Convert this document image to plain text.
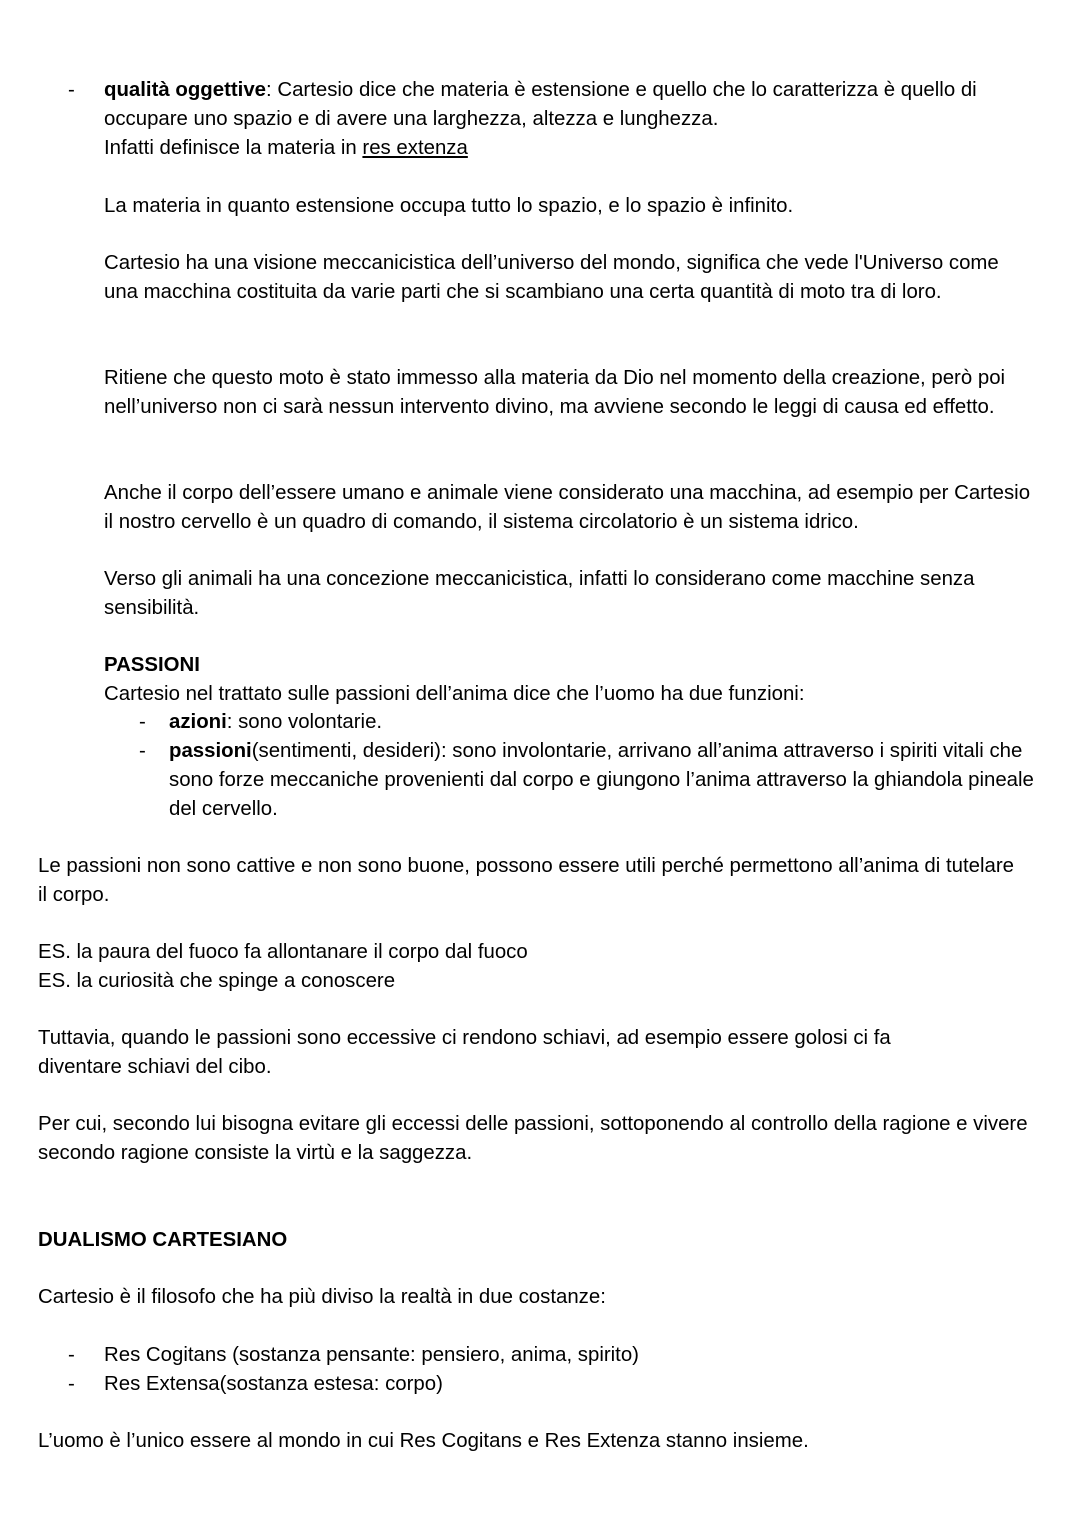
- qualità oggettive: Cartesio dice che materia è estensione e quello che lo caratterizza è quello di occupare uno spazio e di avere una larghezza, altezza e lunghezza.

Infatti definisce la materia in res extenza

La materia in quanto estensione occupa tutto lo spazio, e lo spazio è infinito.

Cartesio ha una visione meccanicistica dell’universo del mondo, significa che vede l'Universo come una macchina costituita da varie parti che si scambiano una certa quantità di moto tra di loro.

Ritiene che questo moto è stato immesso alla materia da Dio nel momento della creazione, però poi nell’universo non ci sarà nessun intervento divino, ma avviene secondo le leggi di causa ed effetto.

Anche il corpo dell’essere umano e animale viene considerato una macchina, ad esempio per Cartesio il nostro cervello è un quadro di comando, il sistema circolatorio è un sistema idrico.

Verso gli animali ha una concezione meccanicistica, infatti lo considerano come macchine senza sensibilità.

PASSIONI

Cartesio nel trattato sulle passioni dell’anima dice che l’uomo ha due funzioni:

- azioni: sono volontarie.

- passioni(sentimenti, desideri): sono involontarie, arrivano all’anima attraverso i spiriti vitali che sono forze meccaniche provenienti dal corpo e giungono l’anima attraverso la ghiandola pineale del cervello.

Le passioni non sono cattive e non sono buone, possono essere utili perché permettono all’anima di tutelare il corpo.

ES. la paura del fuoco fa allontanare il corpo dal fuoco

ES. la curiosità che spinge a conoscere

Tuttavia, quando le passioni sono eccessive ci rendono schiavi, ad esempio essere golosi ci fa diventare schiavi del cibo.

Per cui, secondo lui bisogna evitare gli eccessi delle passioni, sottoponendo al controllo della ragione e vivere secondo ragione consiste la virtù e la saggezza.

DUALISMO CARTESIANO

Cartesio è il filosofo che ha più diviso la realtà in due costanze:

- Res Cogitans (sostanza pensante: pensiero, anima, spirito)

- Res Extensa(sostanza estesa: corpo)

L’uomo è l’unico essere al mondo in cui Res Cogitans e Res Extenza stanno insieme.
